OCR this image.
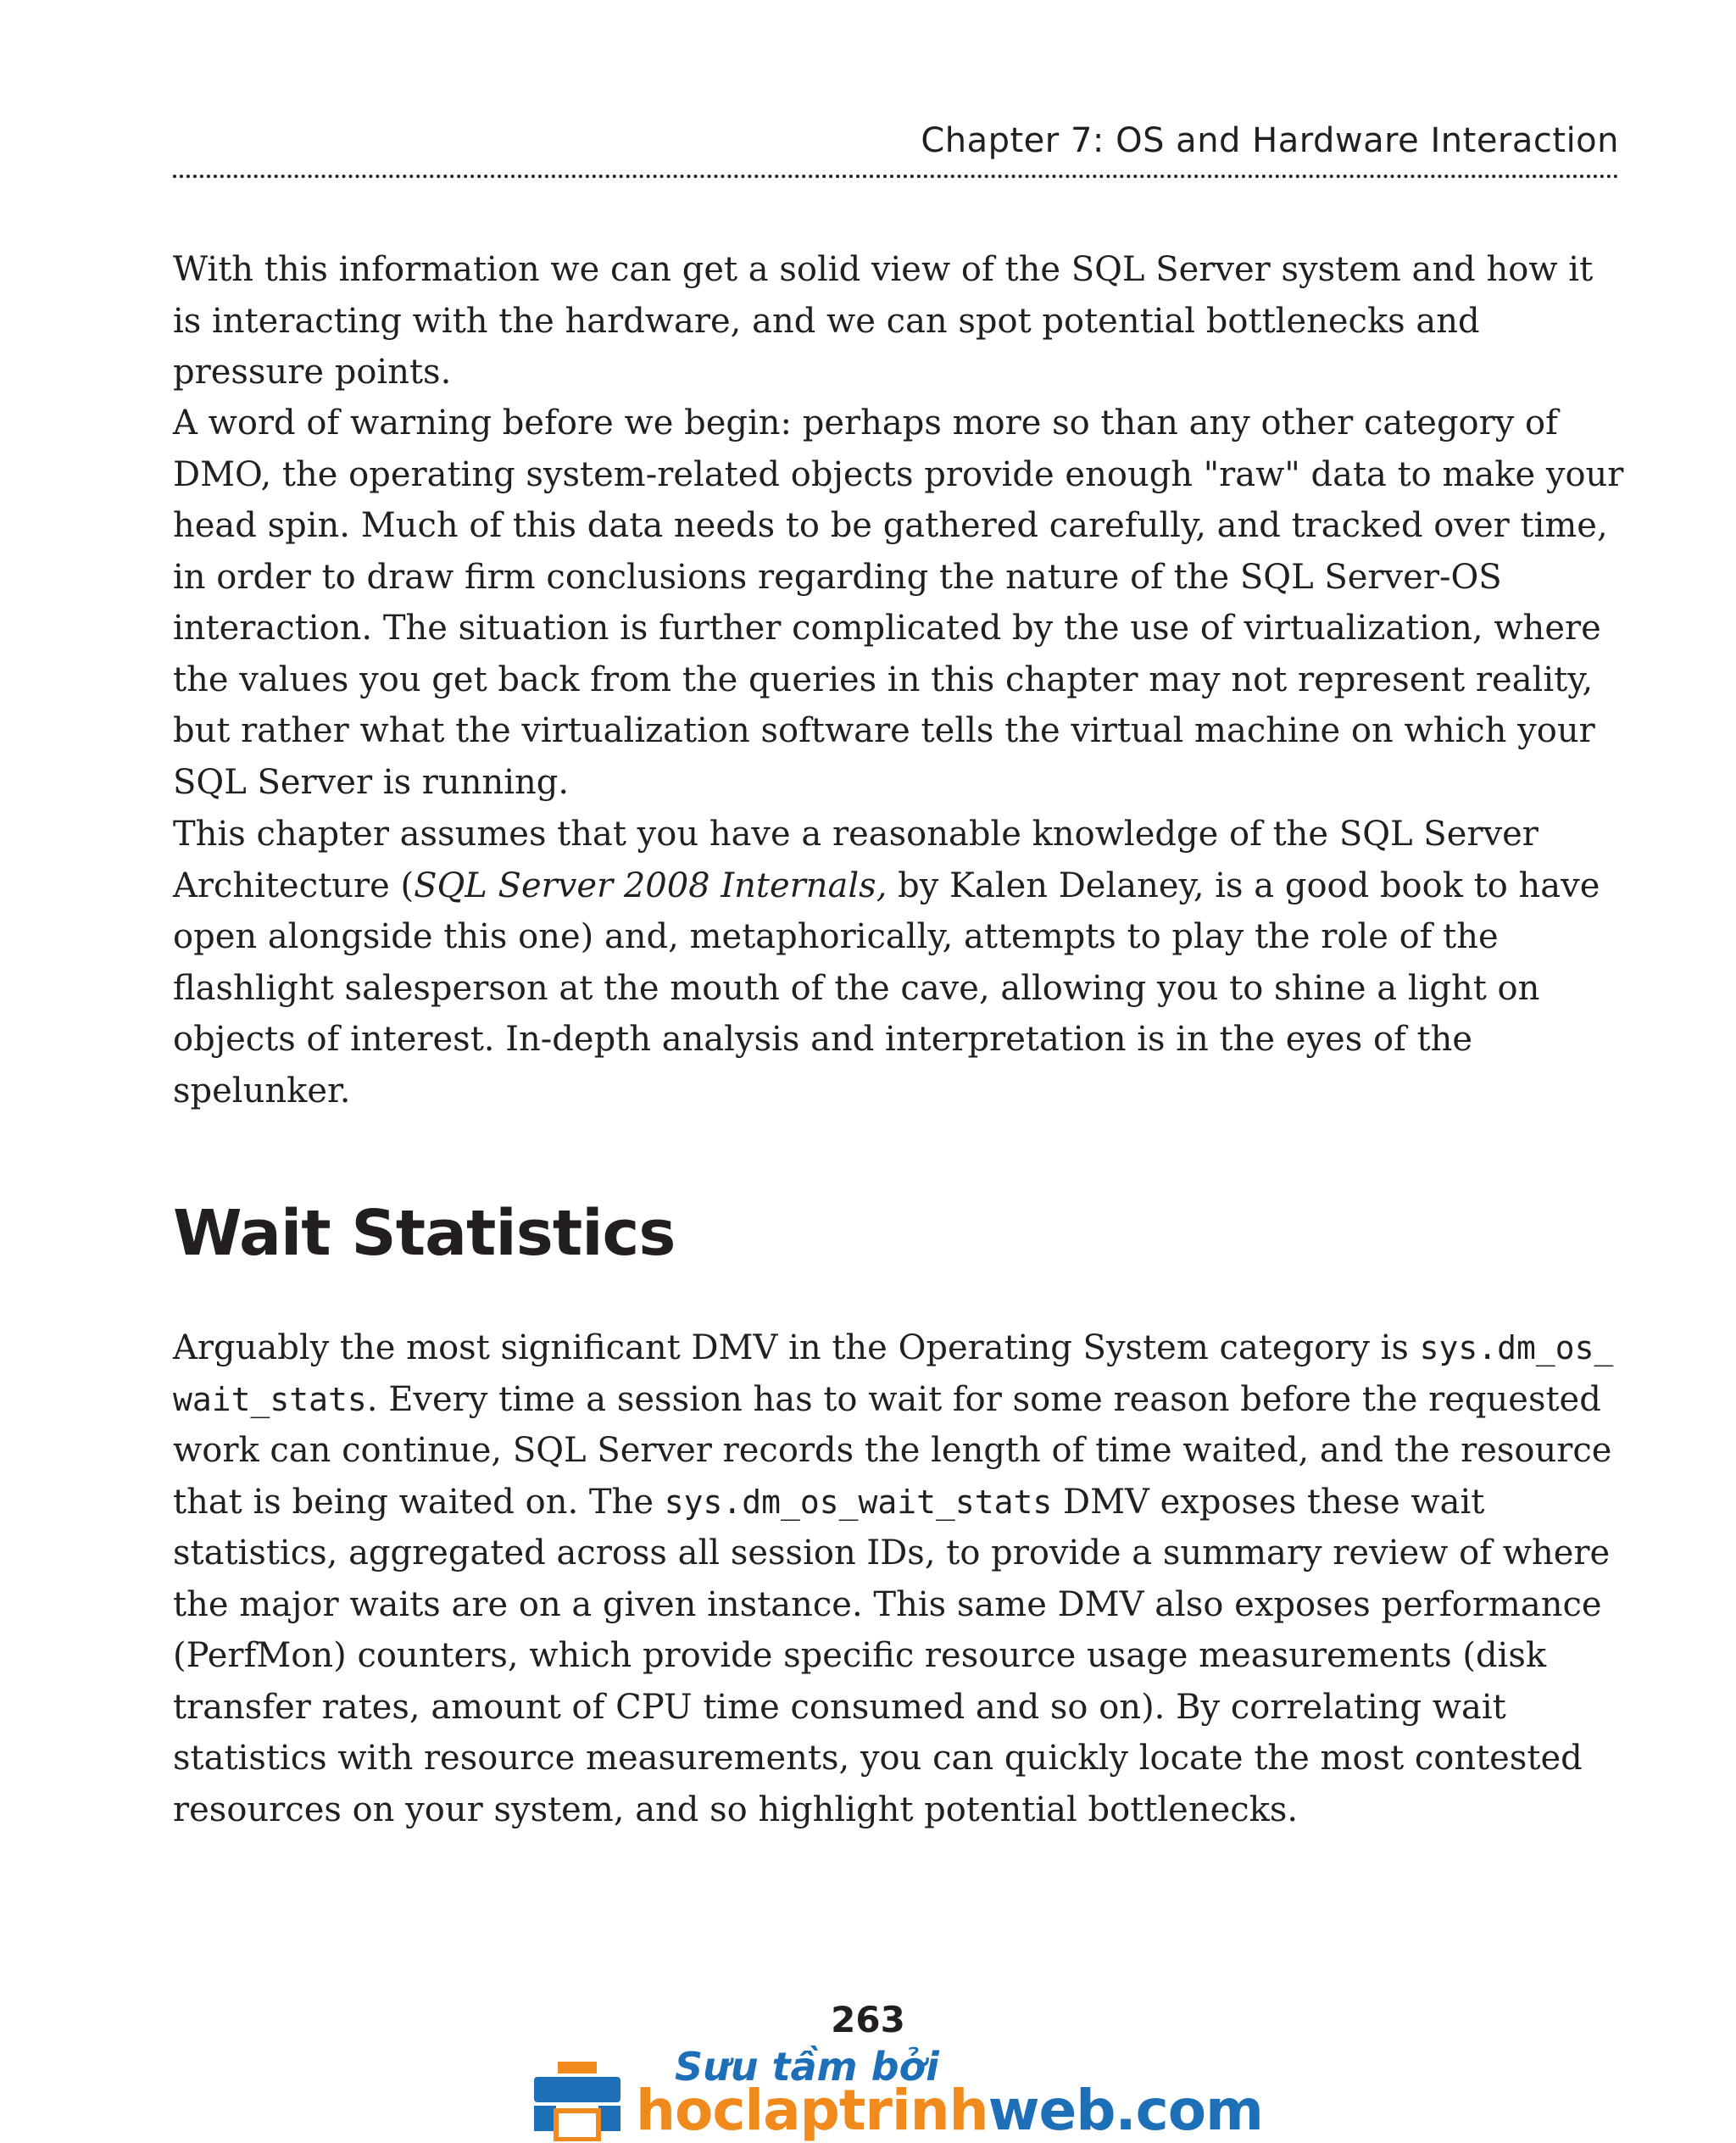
Chapter 7: OS and Hardware Interaction

With this information we can get a solid view of the SQL Server system and how it is interacting with the hardware, and we can spot potential bottlenecks and pressure points.

A word of warning before we begin: perhaps more so than any other category of DMO, the operating system-related objects provide enough "raw" data to make your head spin. Much of this data needs to be gathered carefully, and tracked over time, in order to draw firm conclusions regarding the nature of the SQL Server-OS interaction. The situation is further complicated by the use of virtualization, where the values you get back from the queries in this chapter may not represent reality, but rather what the virtualization software tells the virtual machine on which your SQL Server is running.

This chapter assumes that you have a reasonable knowledge of the SQL Server Architecture (SQL Server 2008 Internals, by Kalen Delaney, is a good book to have open alongside this one) and, metaphorically, attempts to play the role of the flashlight salesperson at the mouth of the cave, allowing you to shine a light on objects of interest. In-depth analysis and interpretation is in the eyes of the spelunker.

Wait Statistics

Arguably the most significant DMV in the Operating System category is sys.dm_os_ wait_stats. Every time a session has to wait for some reason before the requested work can continue, SQL Server records the length of time waited, and the resource that is being waited on. The sys.dm_os_wait_stats DMV exposes these wait statistics, aggregated across all session IDs, to provide a summary review of where the major waits are on a given instance. This same DMV also exposes performance (PerfMon) counters, which provide specific resource usage measurements (disk transfer rates, amount of CPU time consumed and so on). By correlating wait statistics with resource measurements, you can quickly locate the most contested resources on your system, and so highlight potential bottlenecks.

263
Sưu tầm bởi
hoclaptrinhweb.com
